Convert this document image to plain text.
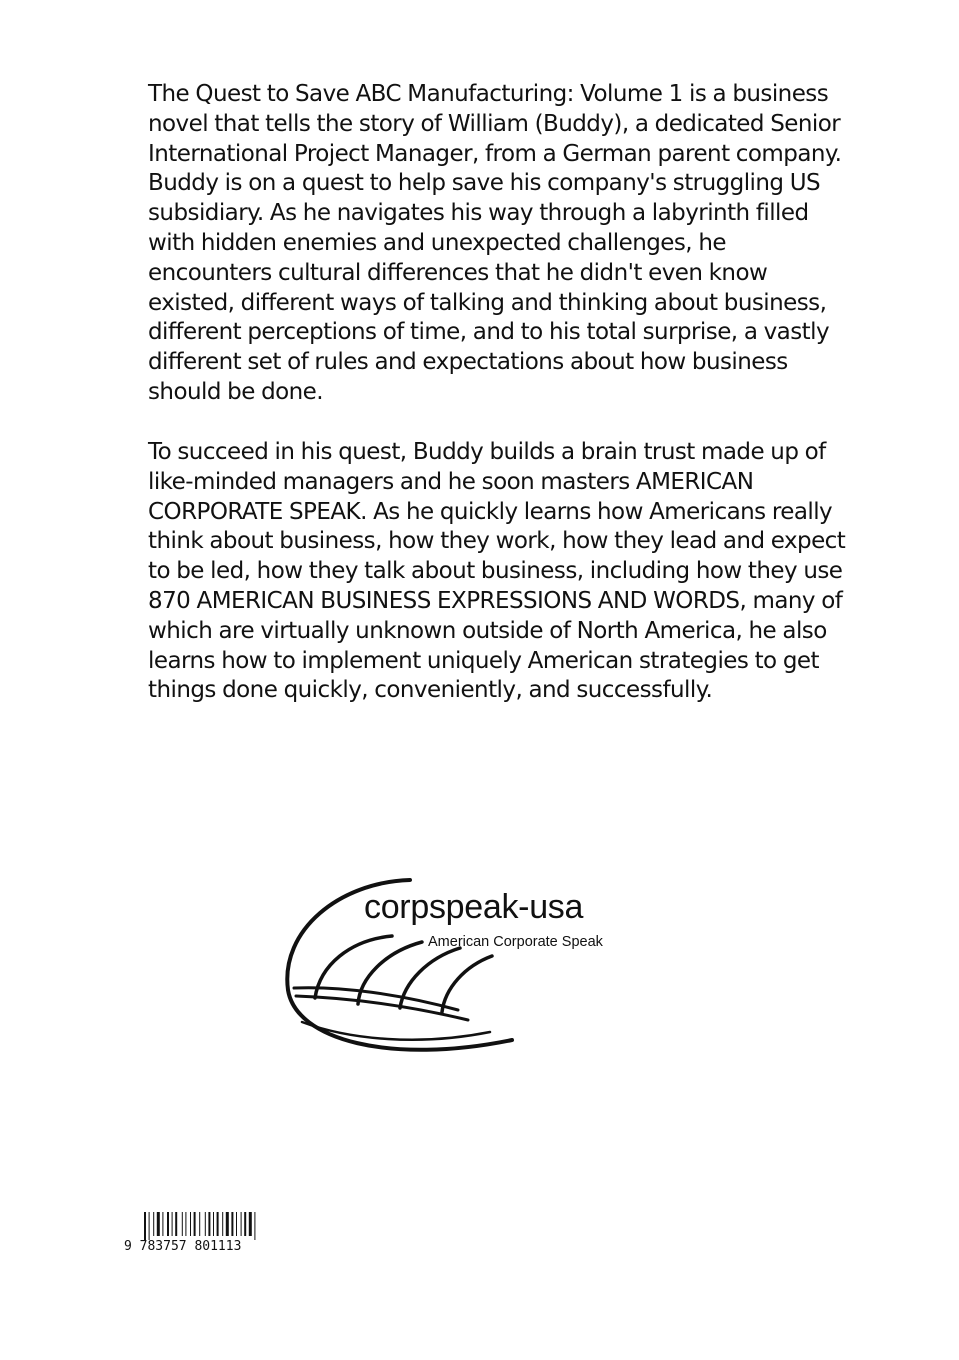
The Quest to Save ABC Manufacturing: Volume 1 is a business novel that tells the story of William (Buddy), a dedicated Senior International Project Manager, from a German parent company. Buddy is on a quest to help save his company's struggling US subsidiary. As he navigates his way through a labyrinth filled with hidden enemies and unexpected challenges, he encounters cultural differences that he didn't even know existed, different ways of talking and thinking about business, different perceptions of time, and to his total surprise, a vastly different set of rules and expectations about how business should be done.

To succeed in his quest, Buddy builds a brain trust made up of like-minded managers and he soon masters AMERICAN CORPORATE SPEAK. As he quickly learns how Americans really think about business, how they work, how they lead and expect to be led, how they talk about business, including how they use 870 AMERICAN BUSINESS EXPRESSIONS AND WORDS, many of which are virtually unknown outside of North America, he also learns how to implement uniquely American strategies to get things done quickly, conveniently, and successfully.

corpspeak-usa
American Corporate Speak
9 783757 801113
